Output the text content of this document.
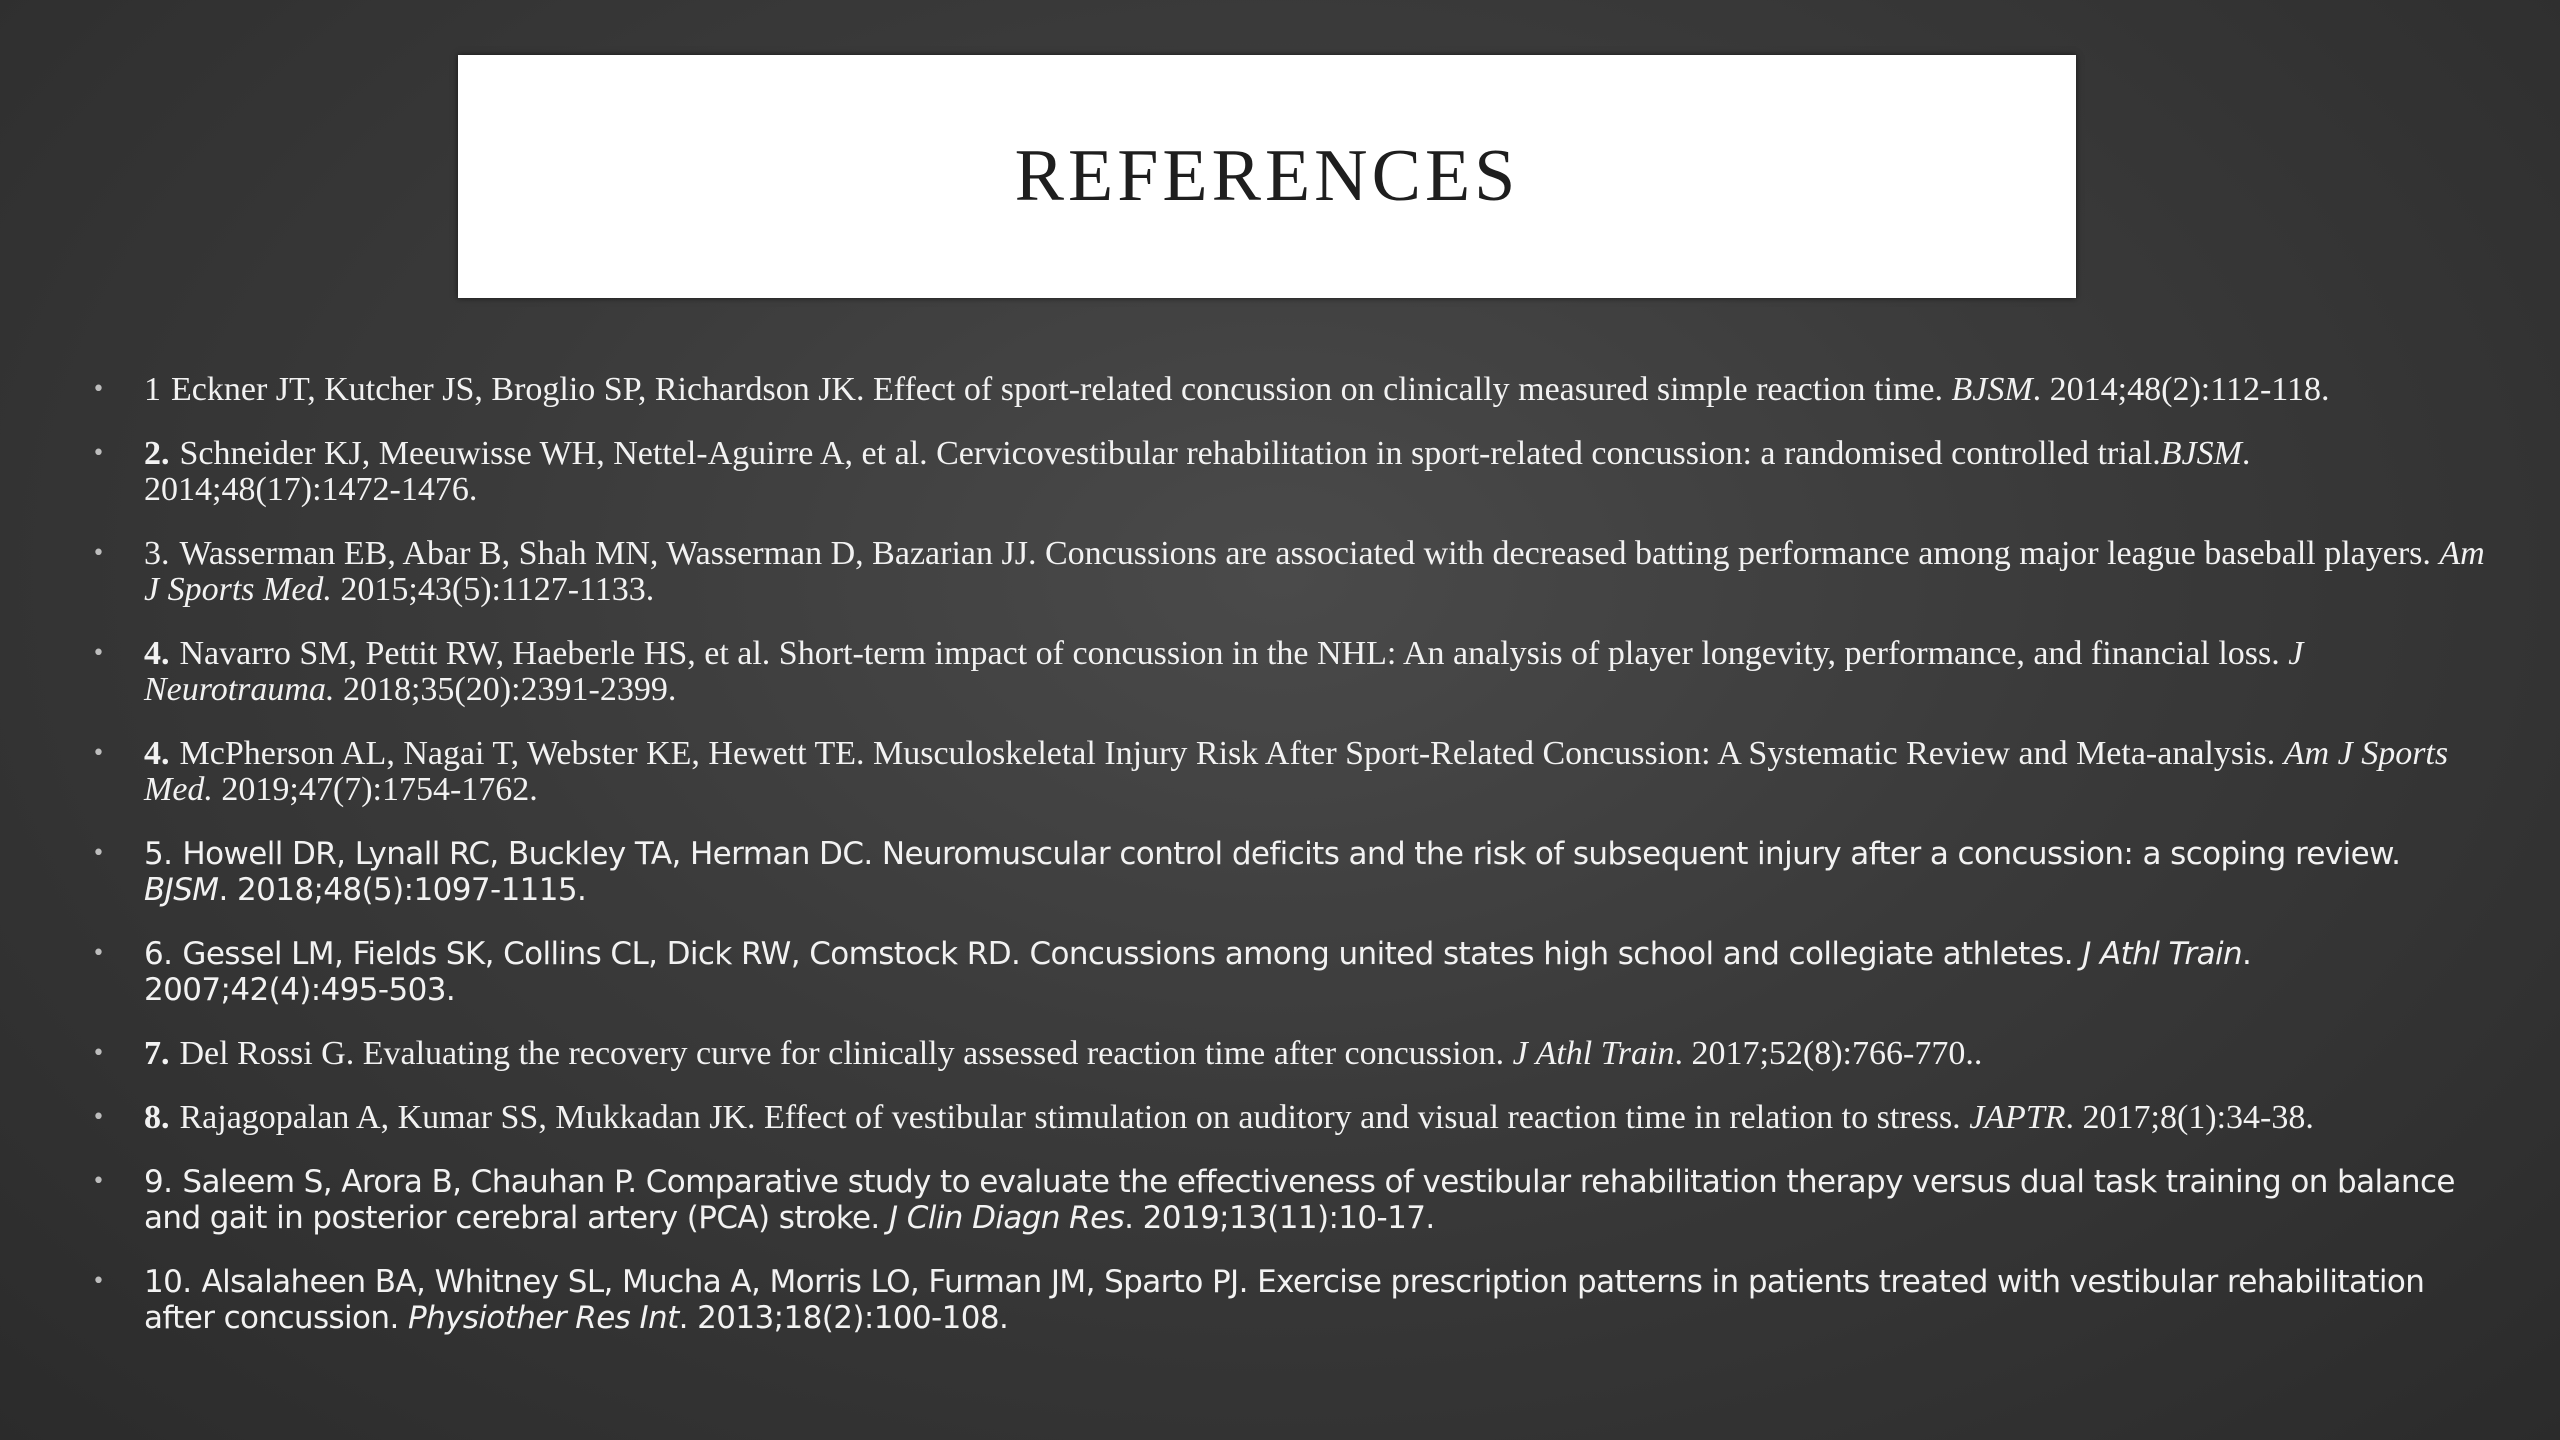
REFERENCES
• 1 Eckner JT, Kutcher JS, Broglio SP, Richardson JK. Effect of sport-related concussion on clinically measured simple reaction time. BJSM. 2014;48(2):112-118.
• 2. Schneider KJ, Meeuwisse WH, Nettel-Aguirre A, et al. Cervicovestibular rehabilitation in sport-related concussion: a randomised controlled trial.BJSM. 2014;48(17):1472-1476.
• 3. Wasserman EB, Abar B, Shah MN, Wasserman D, Bazarian JJ. Concussions are associated with decreased batting performance among major league baseball players. Am J Sports Med. 2015;43(5):1127-1133.
• 4. Navarro SM, Pettit RW, Haeberle HS, et al. Short-term impact of concussion in the NHL: An analysis of player longevity, performance, and financial loss. J Neurotrauma. 2018;35(20):2391-2399.
• 4. McPherson AL, Nagai T, Webster KE, Hewett TE. Musculoskeletal Injury Risk After Sport-Related Concussion: A Systematic Review and Meta-analysis. Am J Sports Med. 2019;47(7):1754-1762.
• 5. Howell DR, Lynall RC, Buckley TA, Herman DC. Neuromuscular control deficits and the risk of subsequent injury after a concussion: a scoping review. BJSM. 2018;48(5):1097-1115.
• 6. Gessel LM, Fields SK, Collins CL, Dick RW, Comstock RD. Concussions among united states high school and collegiate athletes. J Athl Train. 2007;42(4):495-503.
• 7. Del Rossi G. Evaluating the recovery curve for clinically assessed reaction time after concussion. J Athl Train. 2017;52(8):766-770..
• 8. Rajagopalan A, Kumar SS, Mukkadan JK. Effect of vestibular stimulation on auditory and visual reaction time in relation to stress. JAPTR. 2017;8(1):34-38.
• 9. Saleem S, Arora B, Chauhan P. Comparative study to evaluate the effectiveness of vestibular rehabilitation therapy versus dual task training on balance and gait in posterior cerebral artery (PCA) stroke. J Clin Diagn Res. 2019;13(11):10-17.
• 10. Alsalaheen BA, Whitney SL, Mucha A, Morris LO, Furman JM, Sparto PJ. Exercise prescription patterns in patients treated with vestibular rehabilitation after concussion. Physiother Res Int. 2013;18(2):100-108.
